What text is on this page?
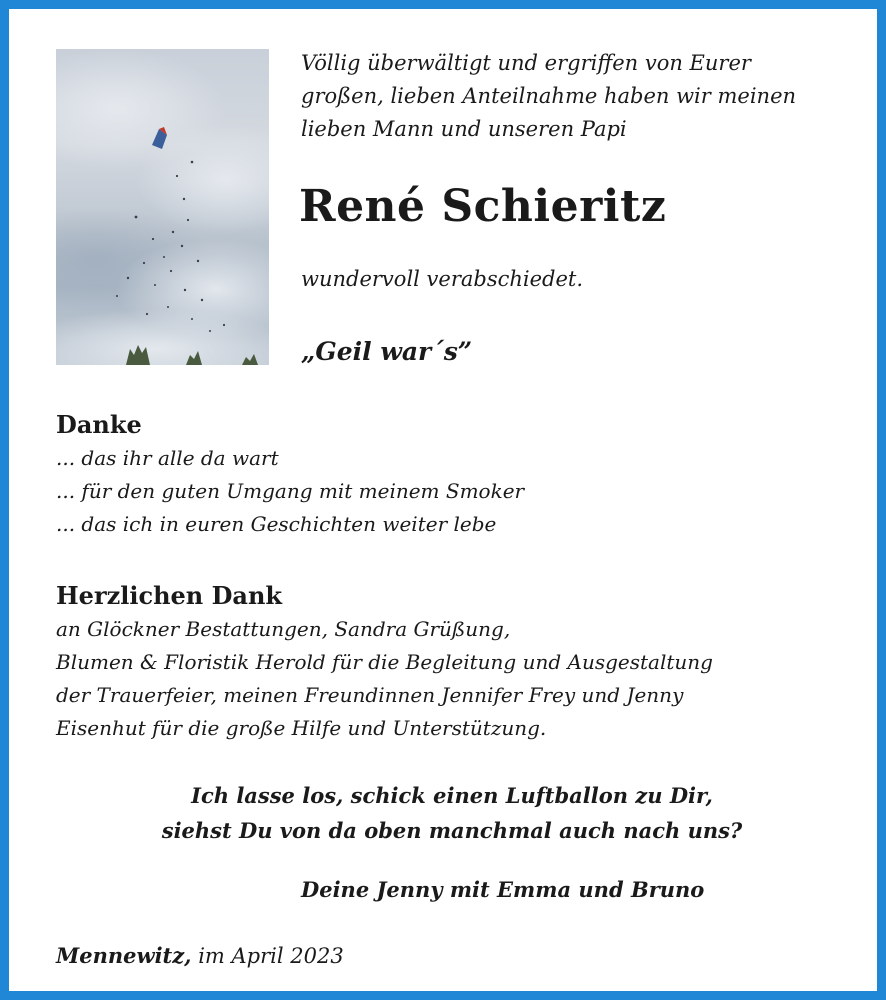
Völlig überwältigt und ergriffen von Eurer
großen, lieben Anteilnahme haben wir meinen
lieben Mann und unseren Papi
René Schieritz
wundervoll verabschiedet.
„Geil war´s”
Danke
... das ihr alle da wart
... für den guten Umgang mit meinem Smoker
... das ich in euren Geschichten weiter lebe
Herzlichen Dank
an Glöckner Bestattungen, Sandra Grüßung,
Blumen & Floristik Herold für die Begleitung und Ausgestaltung
der Trauerfeier, meinen Freundinnen Jennifer Frey und Jenny
Eisenhut für die große Hilfe und Unterstützung.
Ich lasse los, schick einen Luftballon zu Dir,
siehst Du von da oben manchmal auch nach uns?
Deine Jenny mit Emma und Bruno
Mennewitz, im April 2023
